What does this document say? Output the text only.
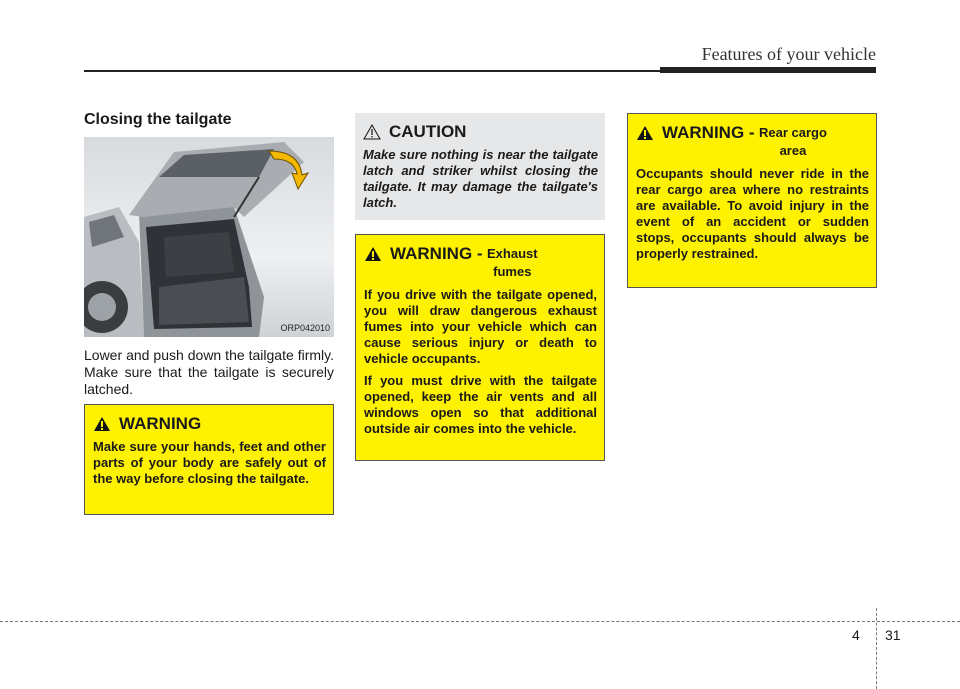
Features of your vehicle
Closing the tailgate
ORP042010

Lower and push down the tailgate firmly. Make sure that the tailgate is securely latched.

WARNING

Make sure your hands, feet and other parts of your body are safely out of the way before closing the tailgate.

CAUTION

Make sure nothing is near the tailgate latch and striker whilst closing the tailgate. It may damage the tailgate's latch.

WARNING -
Exhaust
fumes

If you drive with the tailgate opened, you will draw dangerous exhaust fumes into your vehicle which can cause serious injury or death to vehicle occupants.

If you must drive with the tailgate opened, keep the air vents and all windows open so that additional outside air comes into the vehicle.

WARNING -
Rear cargo
area

Occupants should never ride in the rear cargo area where no restraints are available. To avoid injury in the event of an accident or sudden stops, occupants should always be properly restrained.

4 31
